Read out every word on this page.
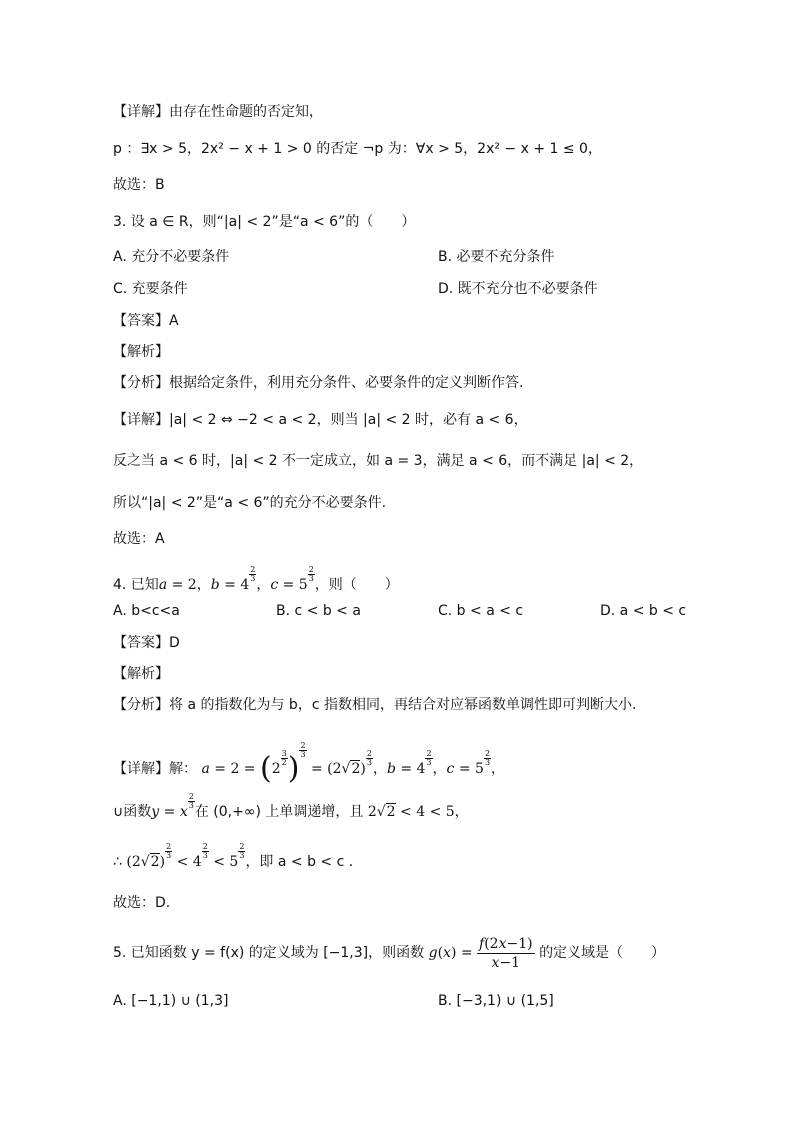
【详解】由存在性命题的否定知，
p ：∃x > 5，2x² − x + 1 > 0 的否定 ¬p 为：∀x > 5，2x² − x + 1 ≤ 0，
故选：B
3. 设 a ∈ R，则“|a| < 2”是“a < 6”的（　　）
A. 充分不必要条件	B. 必要不充分条件
C. 充要条件	D. 既不充分也不必要条件
【答案】A
【解析】
【分析】根据给定条件，利用充分条件、必要条件的定义判断作答.
【详解】|a| < 2 ⇔ −2 < a < 2，则当 |a| < 2 时，必有 a < 6，
反之当 a < 6 时，|a| < 2 不一定成立，如 a = 3，满足 a < 6，而不满足 |a| < 2，
所以“|a| < 2”是“a < 6”的充分不必要条件.
故选：A
4. 已知a = 2，b = 4
$\frac{2}{3}$
，c = 5
$\frac{2}{3}$
，则（　　）
A. b<c<a	B. c < b < a	C. b < a < c	D. a < b < c
【答案】D
【解析】
【分析】将 a 的指数化为与 b，c 指数相同，再结合对应幂函数单调性即可判断大小.
【详解】解： a = 2 = (2
$\frac{3}{2}$ )
$\frac{2}{3}$
= (2√2)
$\frac{2}{3}$
，b = 4
$\frac{2}{3}$
，c = 5
$\frac{2}{3}$
，
∪函数y = x
$\frac{2}{3}$
在 (0,+∞) 上单调递增，且 2√2 < 4 < 5，
∴ (2√2)
$\frac{2}{3}$
< 4
$\frac{2}{3}$
< 5
$\frac{2}{3}$
，即 a < b < c .
故选：D.
5. 已知函数 y = f(x) 的定义域为 [−1,3]，则函数 $g(x) = \frac{f(2x-1)}{x-1}$ 的定义域是（　　）
A. [−1,1) ∪ (1,3]	B. [−3,1) ∪ (1,5]
